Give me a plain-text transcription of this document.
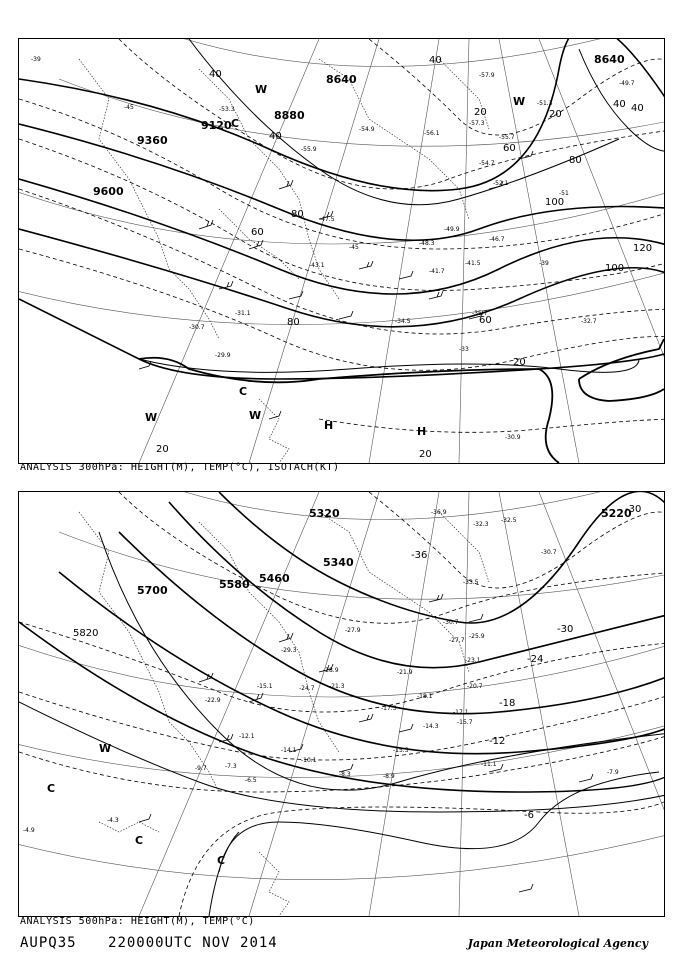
8640
8640
8880
9120
9360
9600
40
40
40
20	20
40
60
80
100
120
100
80
60
60
80
20
20	20
40
W
C
W
H	H
W
C
W
-39
-45	-53.3
-55.9
-54.9
-56.1
-57.3
-55.7
-52.1
-49.9
-48.3
-47.5
-46.7
-45
-43.1	-41.5
-41.7
-39
-35.7
-34.5
-33
-31.1
-30.7
-29.9
-32.7
-30.9
-51
-54.7
-57.9
-51.3
-49.7
ANALYSIS 300hPa: HEIGHT(M), TEMP(°C), ISOTACH(KT)
5220
5320
5340
5460
5580
5700
5820
-30
-36
-30
-24
-18
-12
-6
W
C
C
C
-36.9
-32.3
-32.5
-30.7
-33.5
-30.7
-25.9
-27.7
-21.9
-23.1
-20.7
-18.1
-17.1
-15.7
-14.3
-15.3
-17.3
-14.1
-12.1
-11.1
-7.9
-6.5
-8.3	-8.9
-4.9
-4.3
-27.9
-29.3
-28.9
-24.7 -21.3
-9.7	-7.3
-10.1
-22.9
-15.1
ANALYSIS 500hPa: HEIGHT(M), TEMP(°C)
AUPQ35 220000UTC NOV 2014	Japan Meteorological Agency
